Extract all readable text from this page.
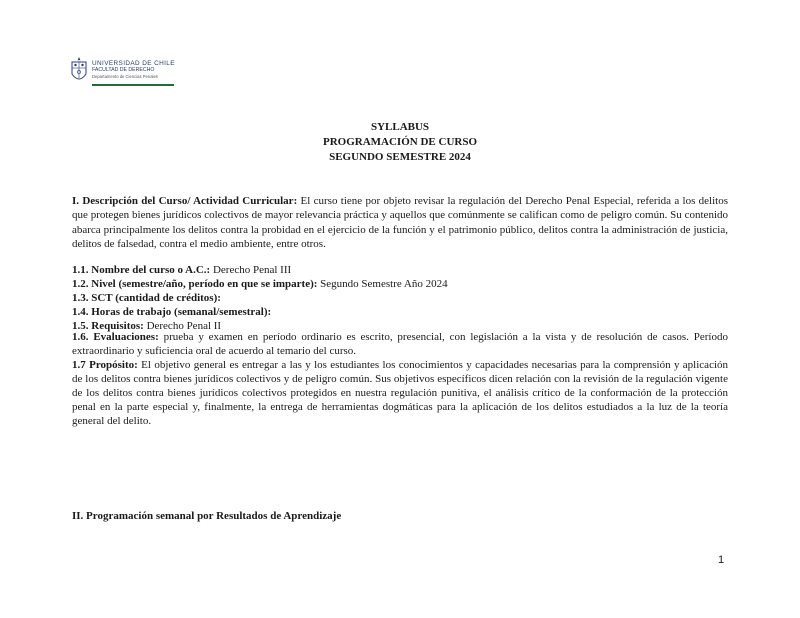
UNIVERSIDAD DE CHILE
FACULTAD DE DERECHO
Departamento de Ciencias Penales
SYLLABUS
PROGRAMACIÓN DE CURSO
SEGUNDO SEMESTRE 2024
I. Descripción del Curso/ Actividad Curricular: El curso tiene por objeto revisar la regulación del Derecho Penal Especial, referida a los delitos que protegen bienes jurídicos colectivos de mayor relevancia práctica y aquellos que comúnmente se califican como de peligro común. Su contenido abarca principalmente los delitos contra la probidad en el ejercicio de la función y el patrimonio público, delitos contra la administración de justicia, delitos de falsedad, contra el medio ambiente, entre otros.
1.1. Nombre del curso o A.C.: Derecho Penal III
1.2. Nivel (semestre/año, período en que se imparte): Segundo Semestre Año 2024
1.3. SCT (cantidad de créditos):
1.4. Horas de trabajo (semanal/semestral):
1.5. Requisitos: Derecho Penal II
1.6. Evaluaciones: prueba y examen en período ordinario es escrito, presencial, con legislación a la vista y de resolución de casos. Período extraordinario y suficiencia oral de acuerdo al temario del curso.
1.7 Propósito: El objetivo general es entregar a las y los estudiantes los conocimientos y capacidades necesarias para la comprensión y aplicación de los delitos contra bienes jurídicos colectivos y de peligro común. Sus objetivos específicos dicen relación con la revisión de la regulación vigente de los delitos contra bienes jurídicos colectivos protegidos en nuestra regulación punitiva, el análisis crítico de la conformación de la protección penal en la parte especial y, finalmente, la entrega de herramientas dogmáticas para la aplicación de los delitos estudiados a la luz de la teoría general del delito.
II. Programación semanal por Resultados de Aprendizaje
1
